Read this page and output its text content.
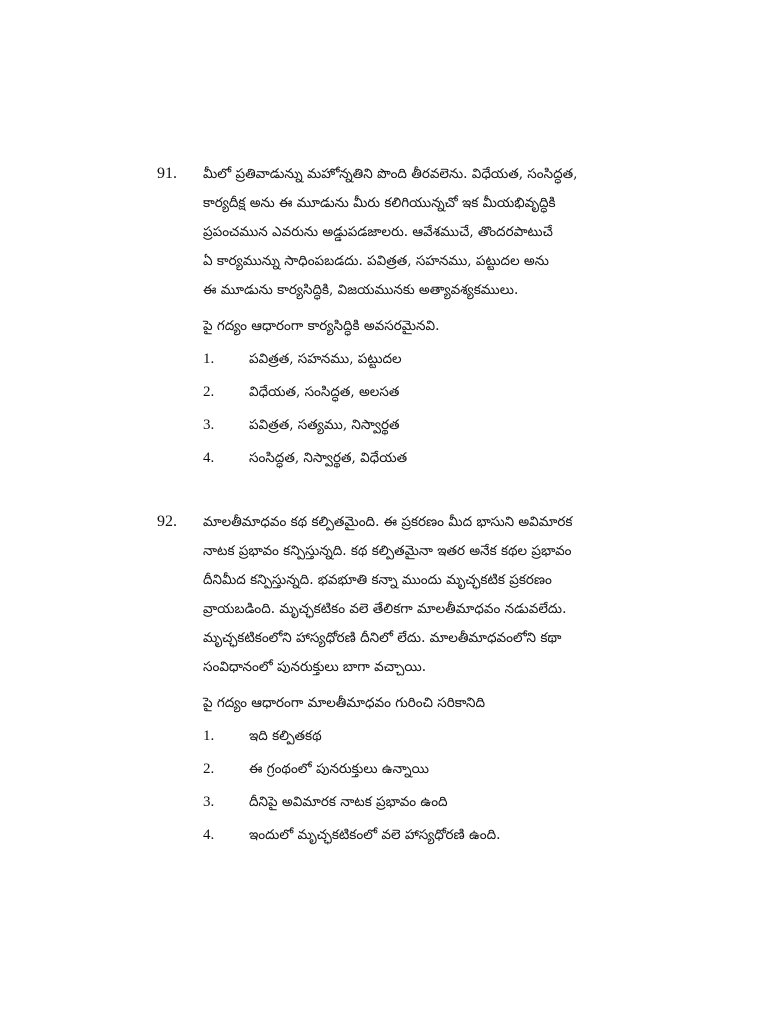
91. మీలో ప్రతివాడున్ను మహోన్నతిని పొంది తీరవలెను. విధేయత, సంసిద్ధత,
కార్యదీక్ష అను ఈ మూడును మీరు కలిగియున్నచో ఇక మీయభివృద్ధికి
ప్రపంచమున ఎవరును అడ్డుపడజాలరు. ఆవేశముచే, తొందరపాటుచే
ఏ కార్యమున్ను సాధింపబడదు. పవిత్రత, సహనము, పట్టుదల అను
ఈ మూడును కార్యసిద్ధికి, విజయమునకు అత్యావశ్యకములు.
పై గద్యం ఆధారంగా కార్యసిద్ధికి అవసరమైనవి.
1.	పవిత్రత, సహనము, పట్టుదల
2.	విధేయత, సంసిద్ధత, అలసత
3.	పవిత్రత, సత్యము, నిస్వార్థత
4.	సంసిద్ధత, నిస్వార్థత, విధేయత
92. మాలతీమాధవం కథ కల్పితమైంది. ఈ ప్రకరణం మీద భాసుని అవిమారక
నాటక ప్రభావం కన్పిస్తున్నది. కథ కల్పితమైనా ఇతర అనేక కథల ప్రభావం
దీనిమీద కన్పిస్తున్నది. భవభూతి కన్నా ముందు మృచ్ఛకటిక ప్రకరణం
వ్రాయబడింది. మృచ్ఛకటికం వలె తేలికగా మాలతీమాధవం నడువలేదు.
మృచ్ఛకటికంలోని హాస్యధోరణి దీనిలో లేదు. మాలతీమాధవంలోని కథా
సంవిధానంలో పునరుక్తులు బాగా వచ్చాయి.
పై గద్యం ఆధారంగా మాలతీమాధవం గురించి సరికానిది
1.	ఇది కల్పితకథ
2.	ఈ గ్రంథంలో పునరుక్తులు ఉన్నాయి
3.	దీనిపై అవిమారక నాటక ప్రభావం ఉంది
4.	ఇందులో మృచ్ఛకటికంలో వలె హాస్యధోరణి ఉంది.
